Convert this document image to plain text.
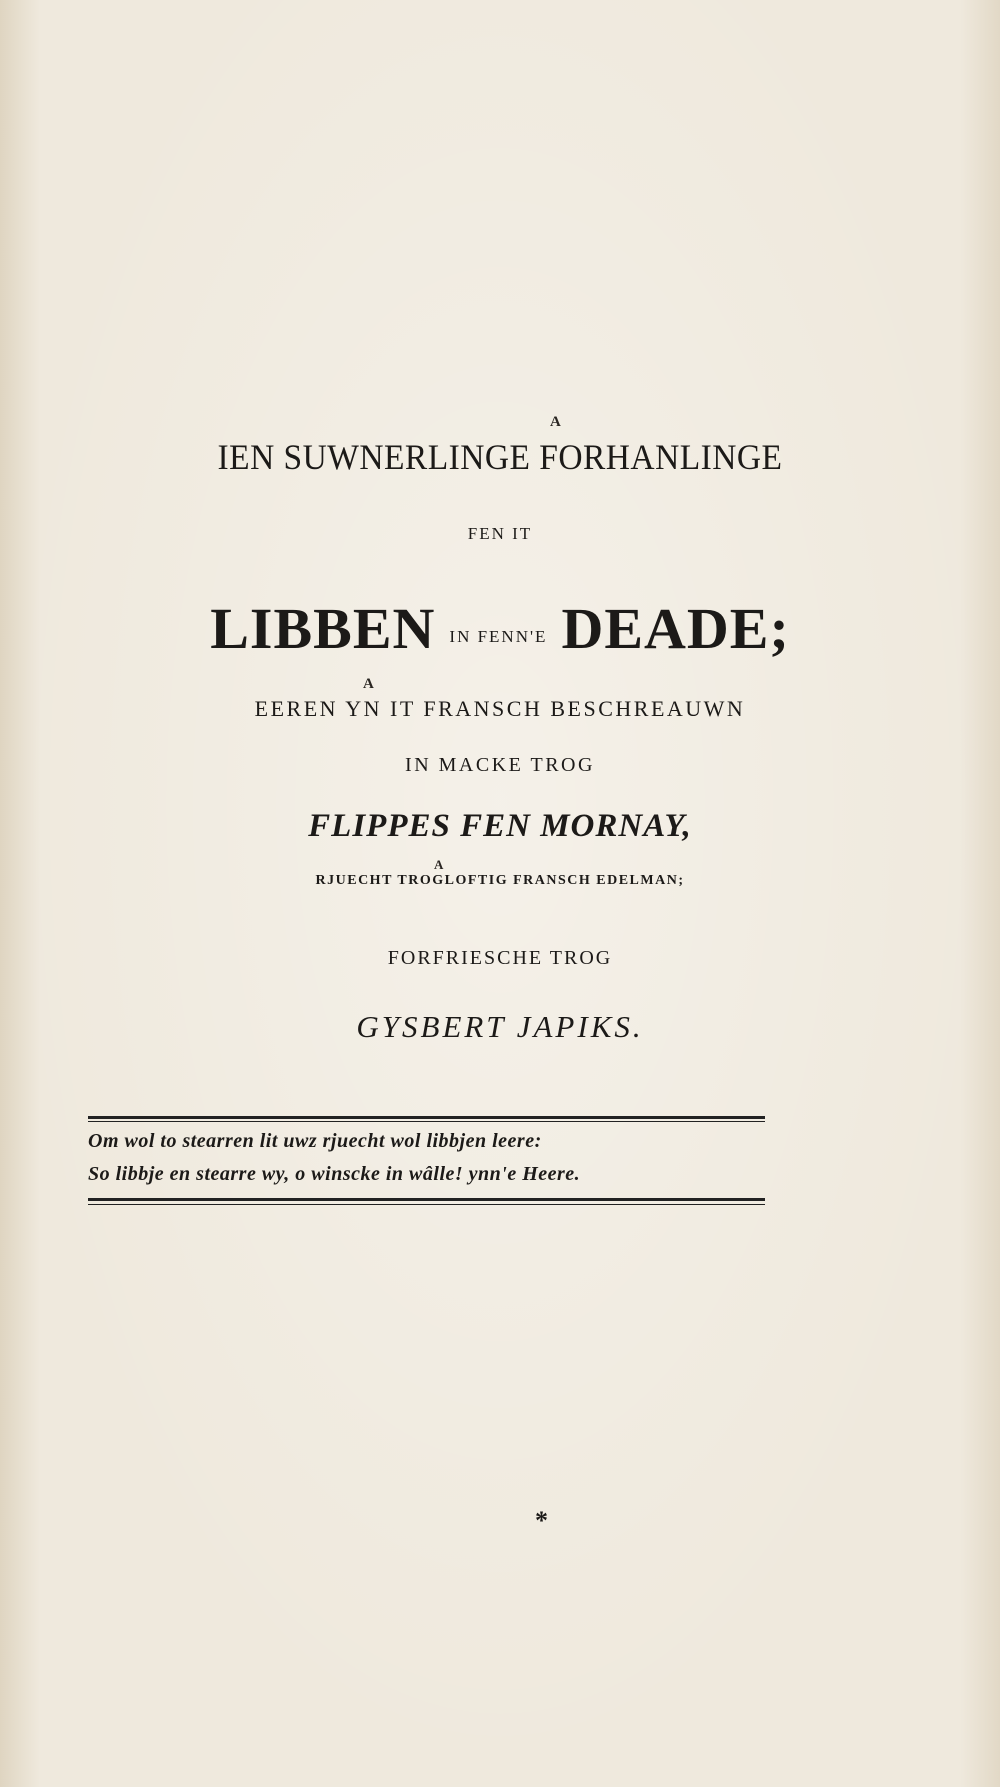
A
IEN SUWNERLINGE FORHANLINGE
FEN IT
LIBBEN IN FENN'E DEADE;
A
EEREN YN IT FRANSCH BESCHREAUWN
IN MACKE TROG
FLIPPES FEN MORNAY,
A
RJUECHT TROGLOFTIG FRANSCH EDELMAN;
FORFRIESCHE TROG
GYSBERT JAPIKS.
Om wol to stearren lit uwz rjuecht wol libbjen leere:
So libbje en stearre wy, o winscke in wâlle! ynn'e Heere.
*
